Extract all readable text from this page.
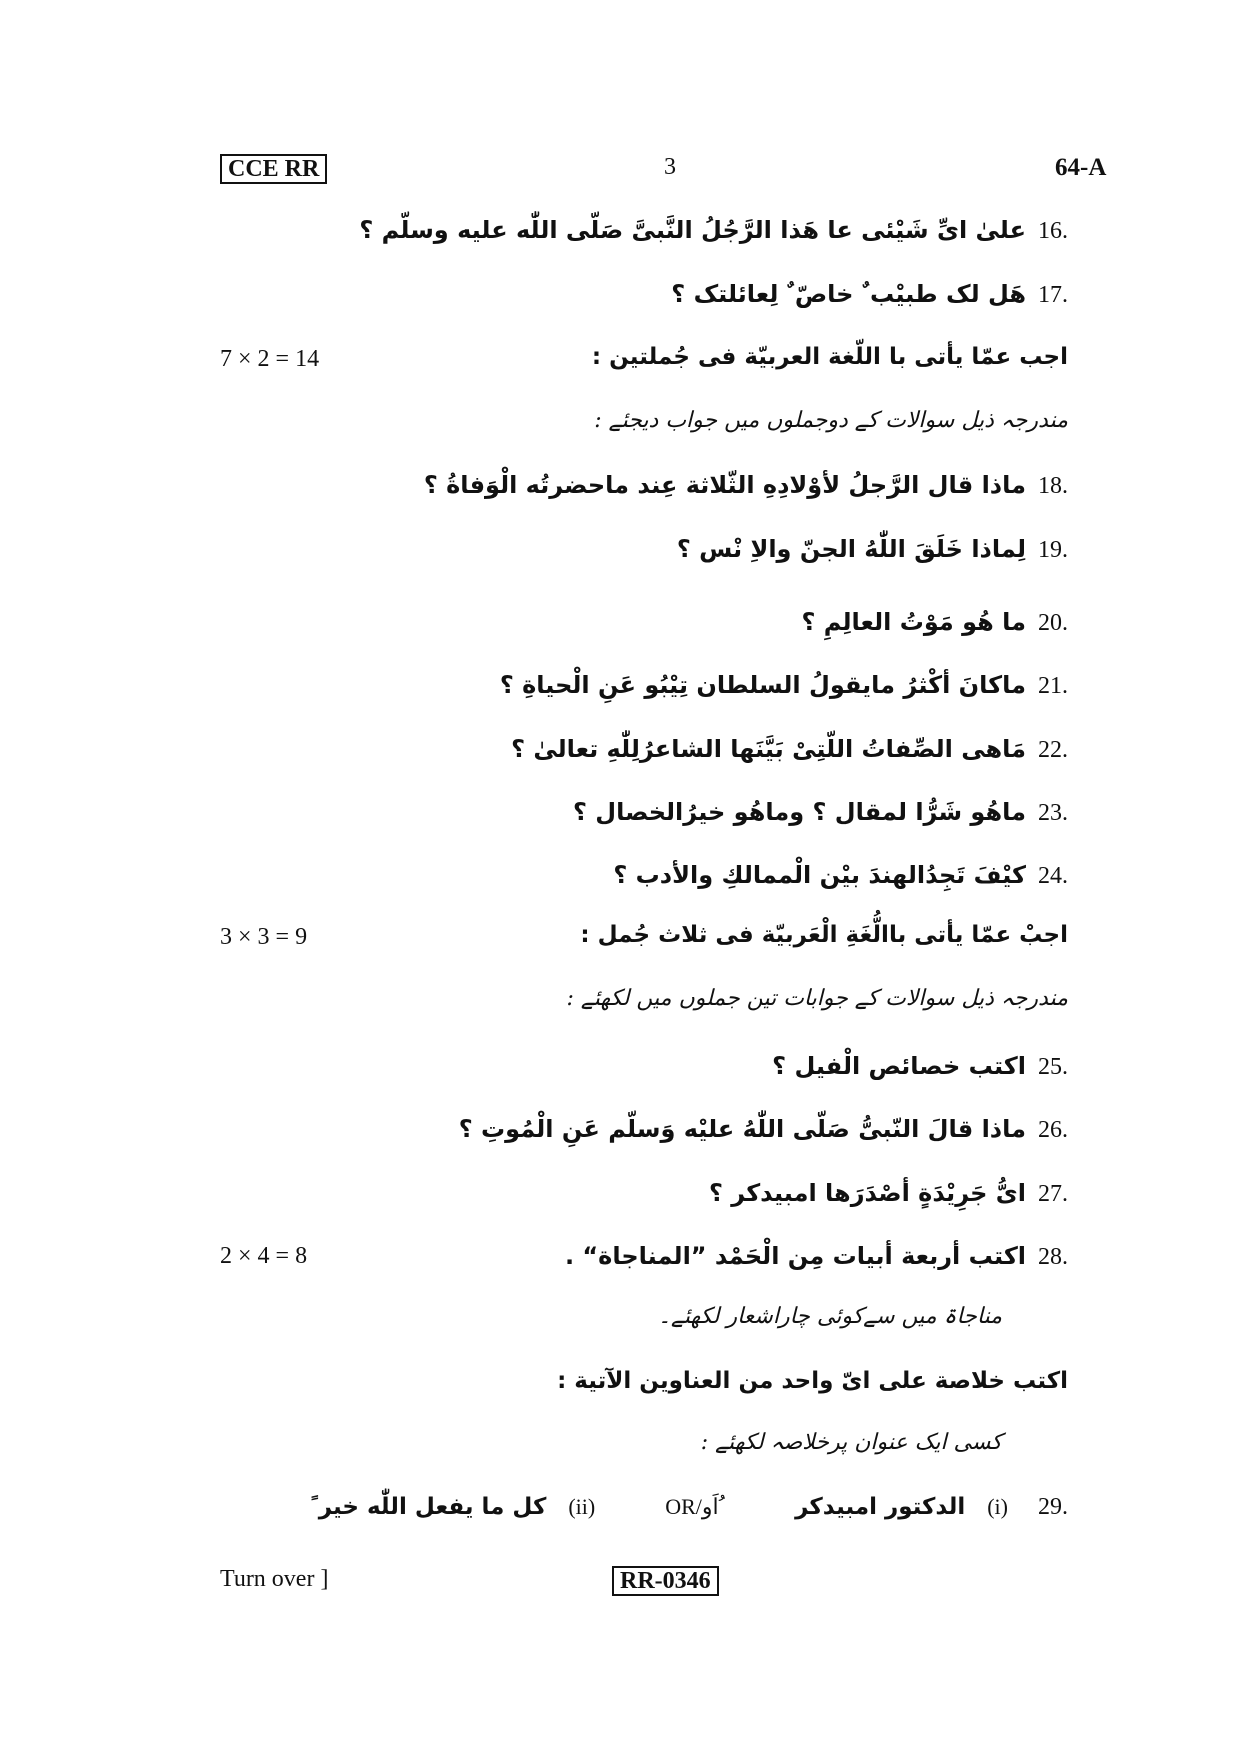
CCE RR	3	64-A
16.
علىٰ اىِّ شَيْئى عا هَذا الرَّجُلُ النَّبىَّ صَلّى اللّٰه عليه وسلّم ؟
17.
هَل لک طبيْب ٌ خاصّ ٌ لِعائلتک ؟
7 × 2 = 14	اجب عمّا يأتى با اللّغة العربيّة فى جُملتين :
مندرجہ ذیل سوالات کے دوجملوں میں جواب دیجئے :
18.
ماذا قال الرَّجلُ لأوْلادِهِ الثّلاثة عِند ماحضرتُه الْوَفاةُ ؟
19.
لِماذا خَلَقَ اللّٰهُ الجنّ والاِ نْس ؟
20.
ما هُو مَوْتُ العالِمِ ؟
21.
ماكانَ أكْثرُ مايقولُ السلطان تِيْبُو عَنِ الْحياةِ ؟
22.
مَاهى الصِّفاتُ اللّتِىْ بَيَّنَها الشاعرُلِلّٰهِ تعالىٰ ؟
23.
ماهُو شَرُّا لمقال ؟ وماهُو خيرُالخصال ؟
24.
كيْفَ تَجِدُالهندَ بيْن الْممالكِ والأدب ؟
3 × 3 = 9	اجبْ عمّا يأتى باالُّغَةِ الْعَربيّة فى ثلاث جُمل :
مندرجہ ذیل سوالات کے جوابات تین جملوں میں لکھئے :
25.
اكتب خصائص الْفيل ؟
26.
ماذا قالَ النّبىُّ صَلّى اللّٰهُ عليْه وَسلّم عَنِ الْمُوتِ ؟
27.
اىُّ جَرِيْدَةٍ أصْدَرَها امبيدكر ؟
2 × 4 = 8	28.
اكتب أربعة أبيات مِن الْحَمْد ”المناجاة“ .
مناجاۃ میں سےکوئی چاراشعار لکھئے۔
اكتب خلاصة على اىّ واحد من العناوين الآتية :
کسی ایک عنوان پرخلاصہ لکھئے :
29.
(i)
الدكتور امبيدكر
OR/اَو ُ
(ii)
كل ما يفعل اللّٰه خير ً
Turn over ]	RR-0346
